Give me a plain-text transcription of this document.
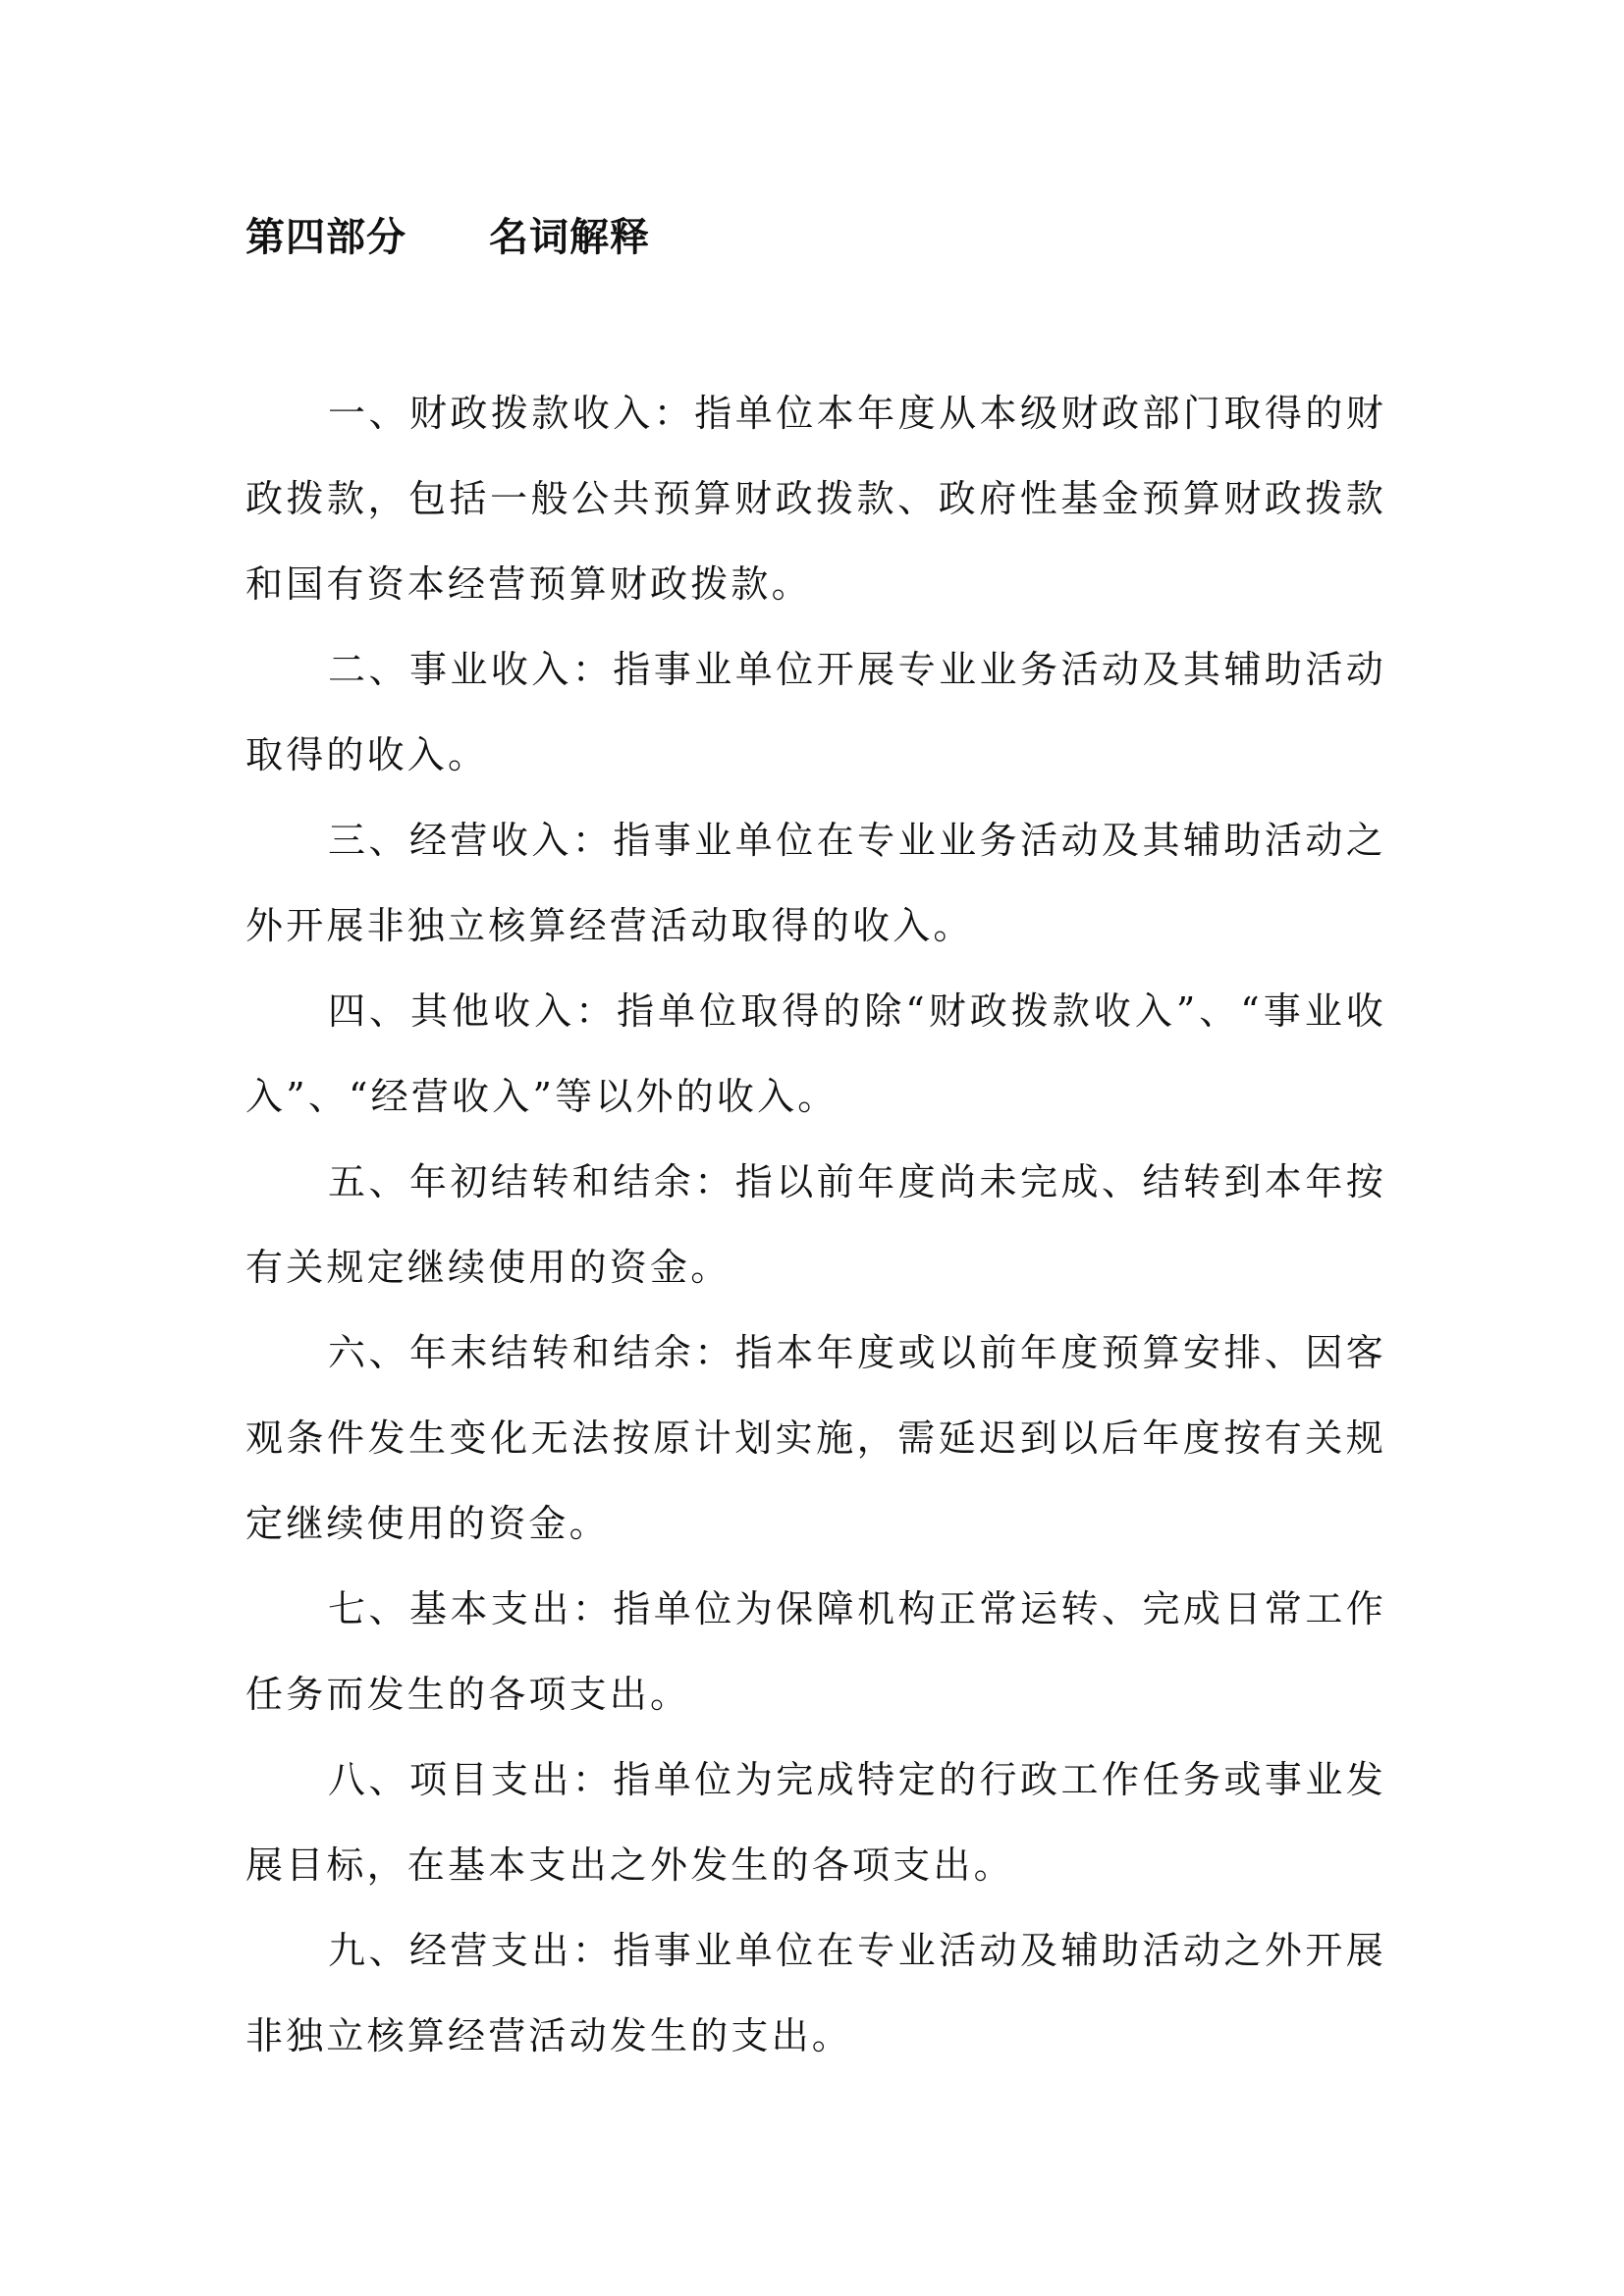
第四部分 名词解释

一、财政拨款收入：指单位本年度从本级财政部门取得的财政拨款，包括一般公共预算财政拨款、政府性基金预算财政拨款和国有资本经营预算财政拨款。

二、事业收入：指事业单位开展专业业务活动及其辅助活动取得的收入。

三、经营收入：指事业单位在专业业务活动及其辅助活动之外开展非独立核算经营活动取得的收入。

四、其他收入：指单位取得的除“财政拨款收入”、“事业收入”、“经营收入”等以外的收入。

五、年初结转和结余：指以前年度尚未完成、结转到本年按有关规定继续使用的资金。

六、年末结转和结余：指本年度或以前年度预算安排、因客观条件发生变化无法按原计划实施，需延迟到以后年度按有关规定继续使用的资金。

七、基本支出：指单位为保障机构正常运转、完成日常工作任务而发生的各项支出。

八、项目支出：指单位为完成特定的行政工作任务或事业发展目标，在基本支出之外发生的各项支出。

九、经营支出：指事业单位在专业活动及辅助活动之外开展非独立核算经营活动发生的支出。
